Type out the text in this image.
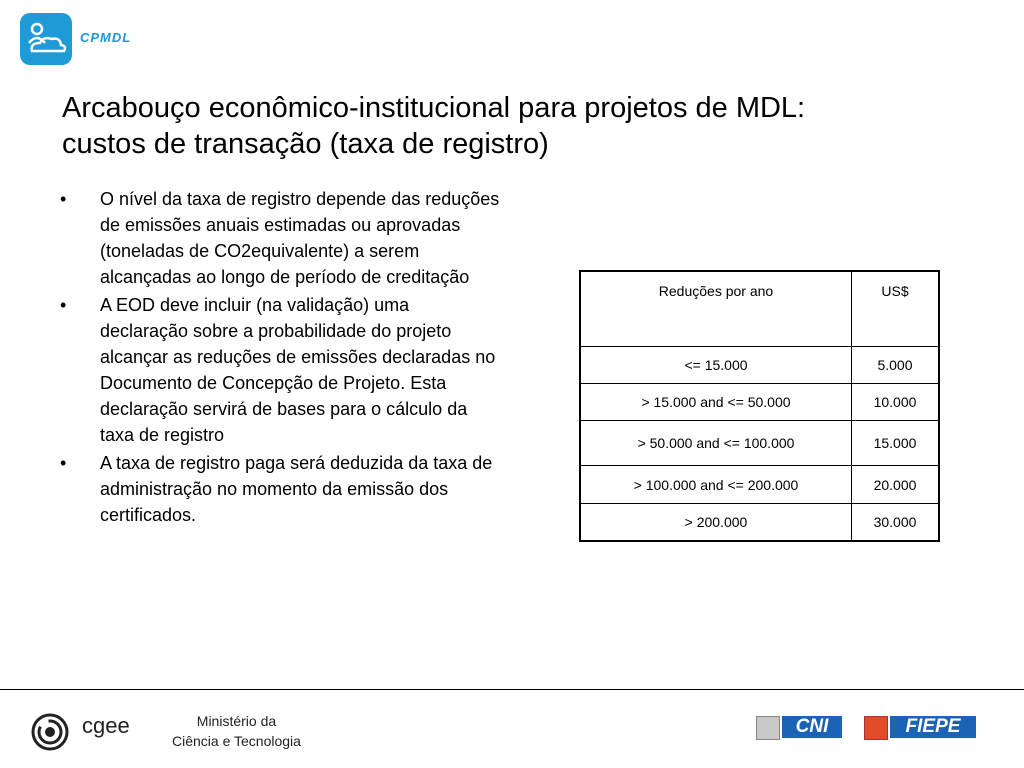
CPMDL
Arcabouço econômico-institucional para projetos de MDL:
custos de transação (taxa de registro)
• O nível da taxa de registro depende das reduções de emissões anuais estimadas ou aprovadas (toneladas de CO2equivalente) a serem alcançadas ao longo de período de creditação
• A EOD deve incluir (na validação) uma declaração sobre a probabilidade do projeto alcançar as reduções de emissões declaradas no Documento de Concepção de Projeto. Esta declaração servirá de bases para o cálculo da taxa de registro
• A taxa de registro paga será deduzida da taxa de administração no momento da emissão dos certificados.
Reduções por ano	US$
<= 15.000	5.000
> 15.000 and <= 50.000	10.000
> 50.000 and <= 100.000	15.000
> 100.000 and <= 200.000	20.000
> 200.000	30.000
cgee	Ministério da
Ciência e Tecnologia
CNI	FIEPE
